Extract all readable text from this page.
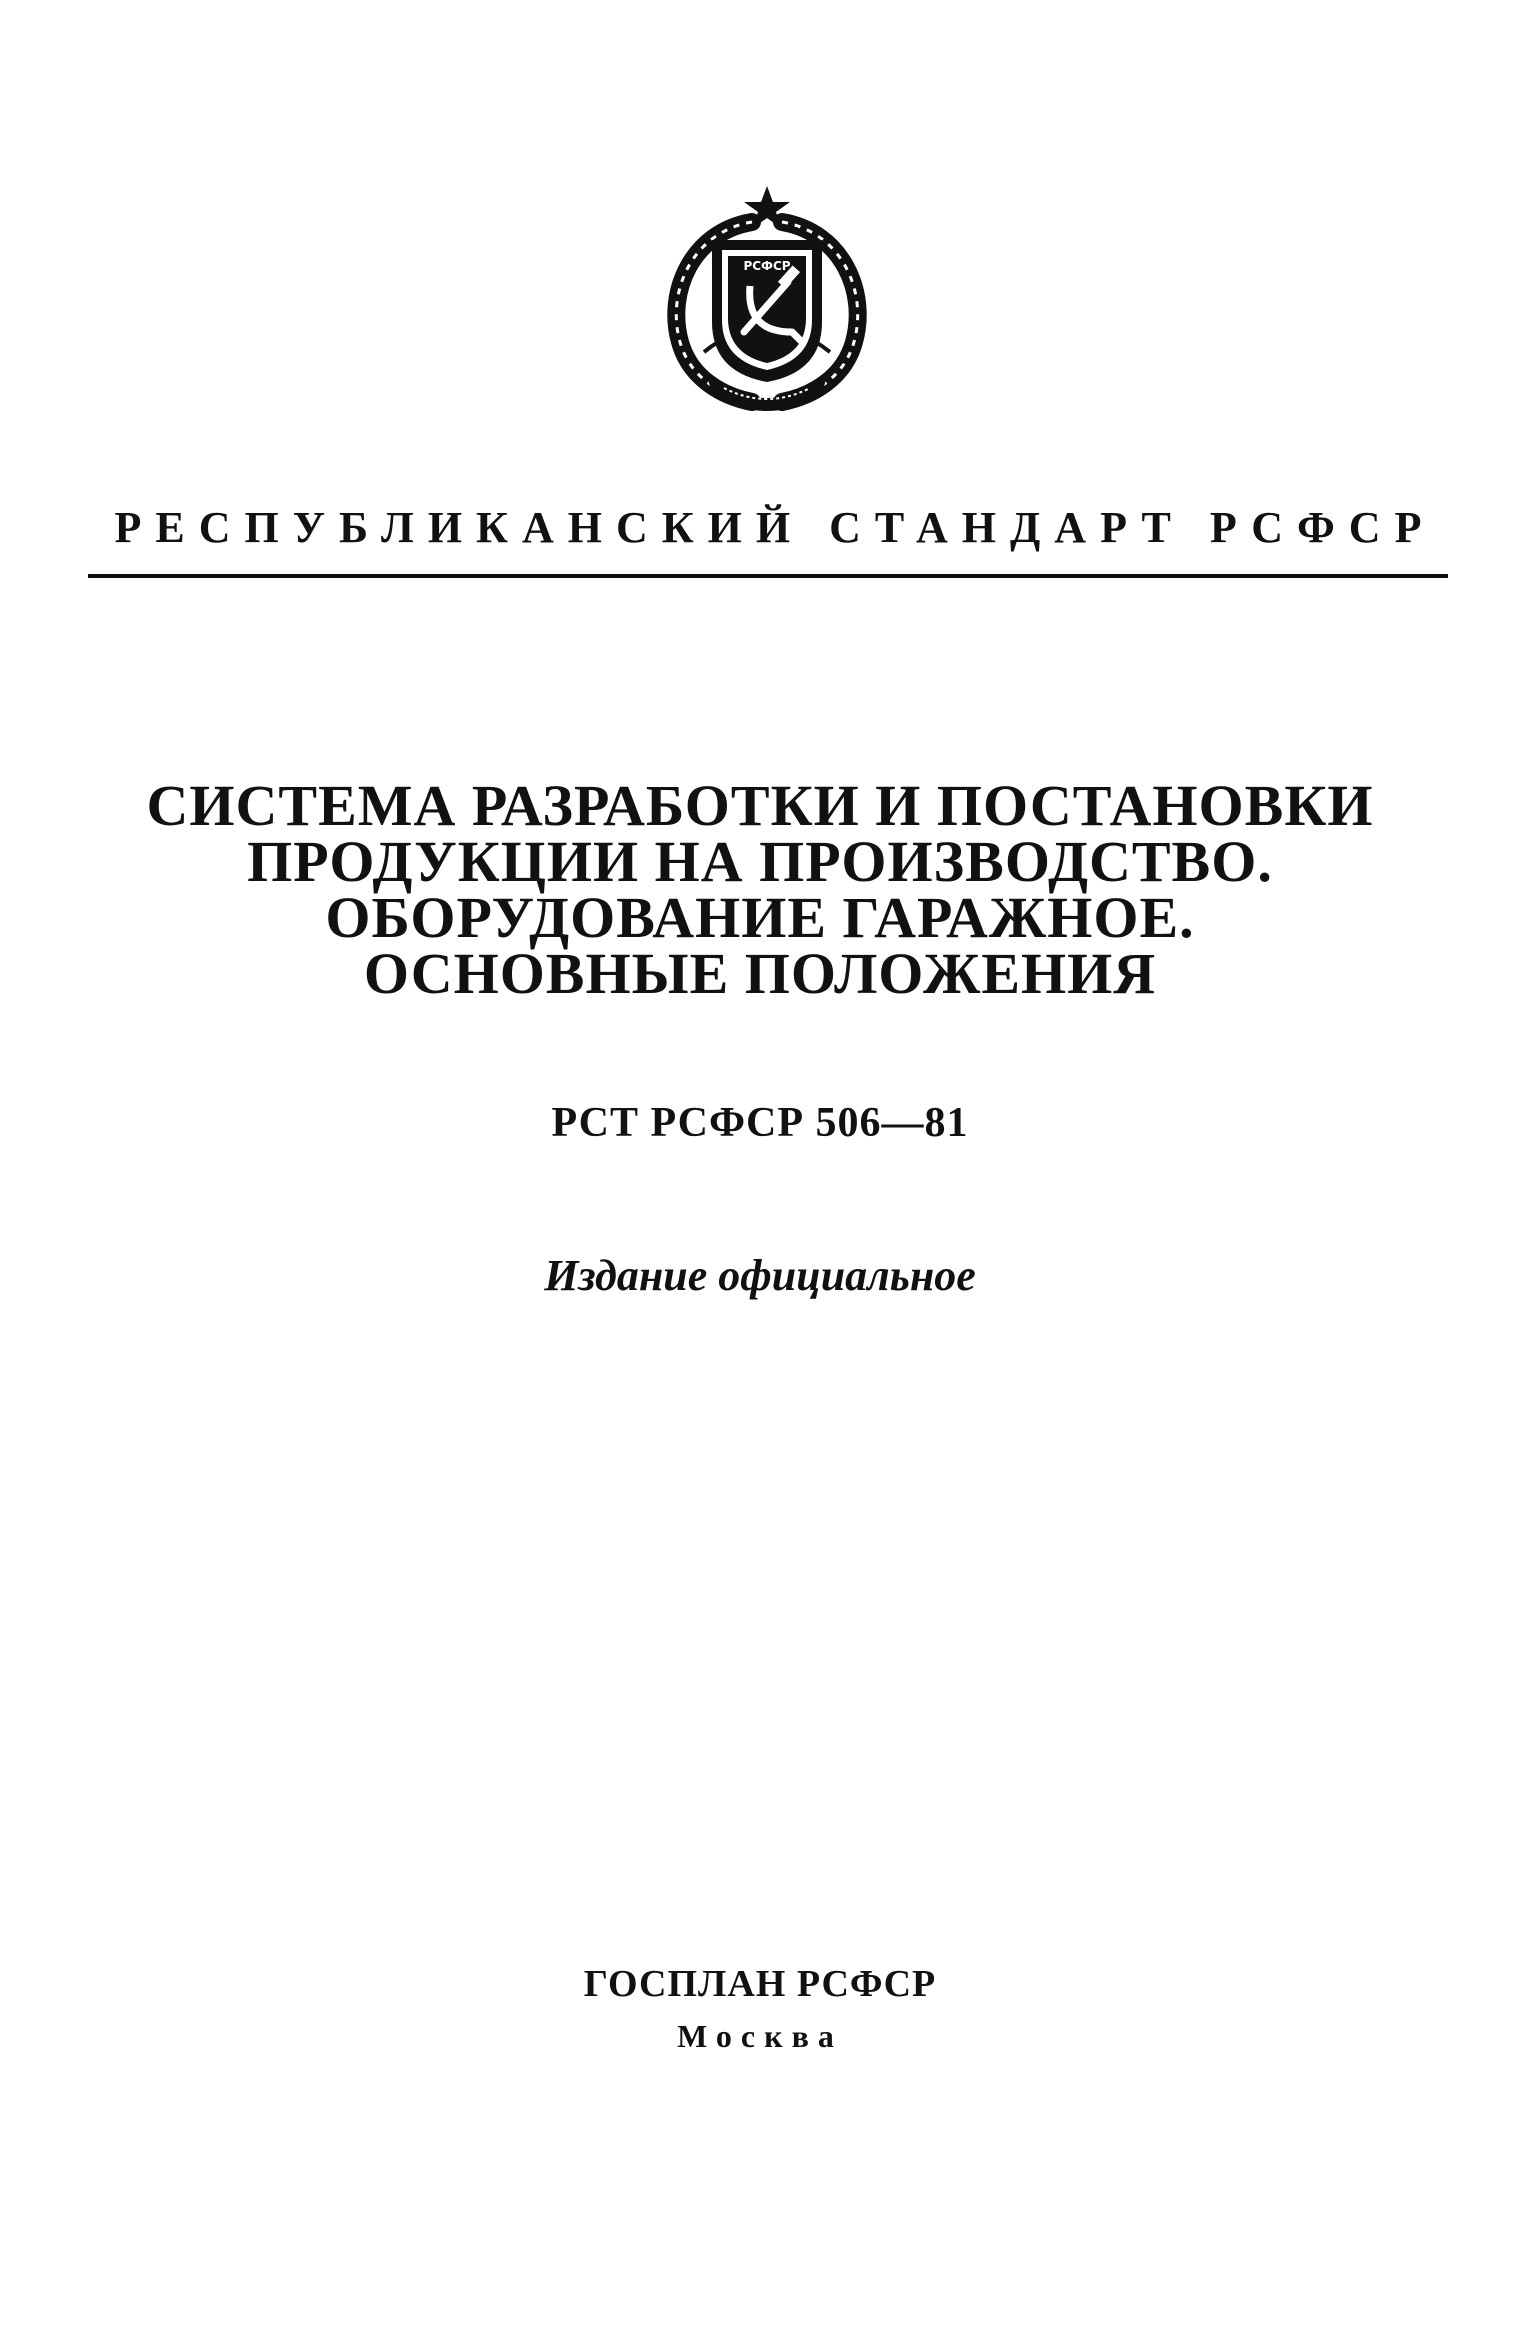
РСФСР
РЕСПУБЛИКАНСКИЙ СТАНДАРТ РСФСР
СИСТЕМА РАЗРАБОТКИ И ПОСТАНОВКИ
ПРОДУКЦИИ НА ПРОИЗВОДСТВО.
ОБОРУДОВАНИЕ ГАРАЖНОЕ.
ОСНОВНЫЕ ПОЛОЖЕНИЯ
РСТ РСФСР 506—81
Издание официальное
ГОСПЛАН РСФСР
Москва
